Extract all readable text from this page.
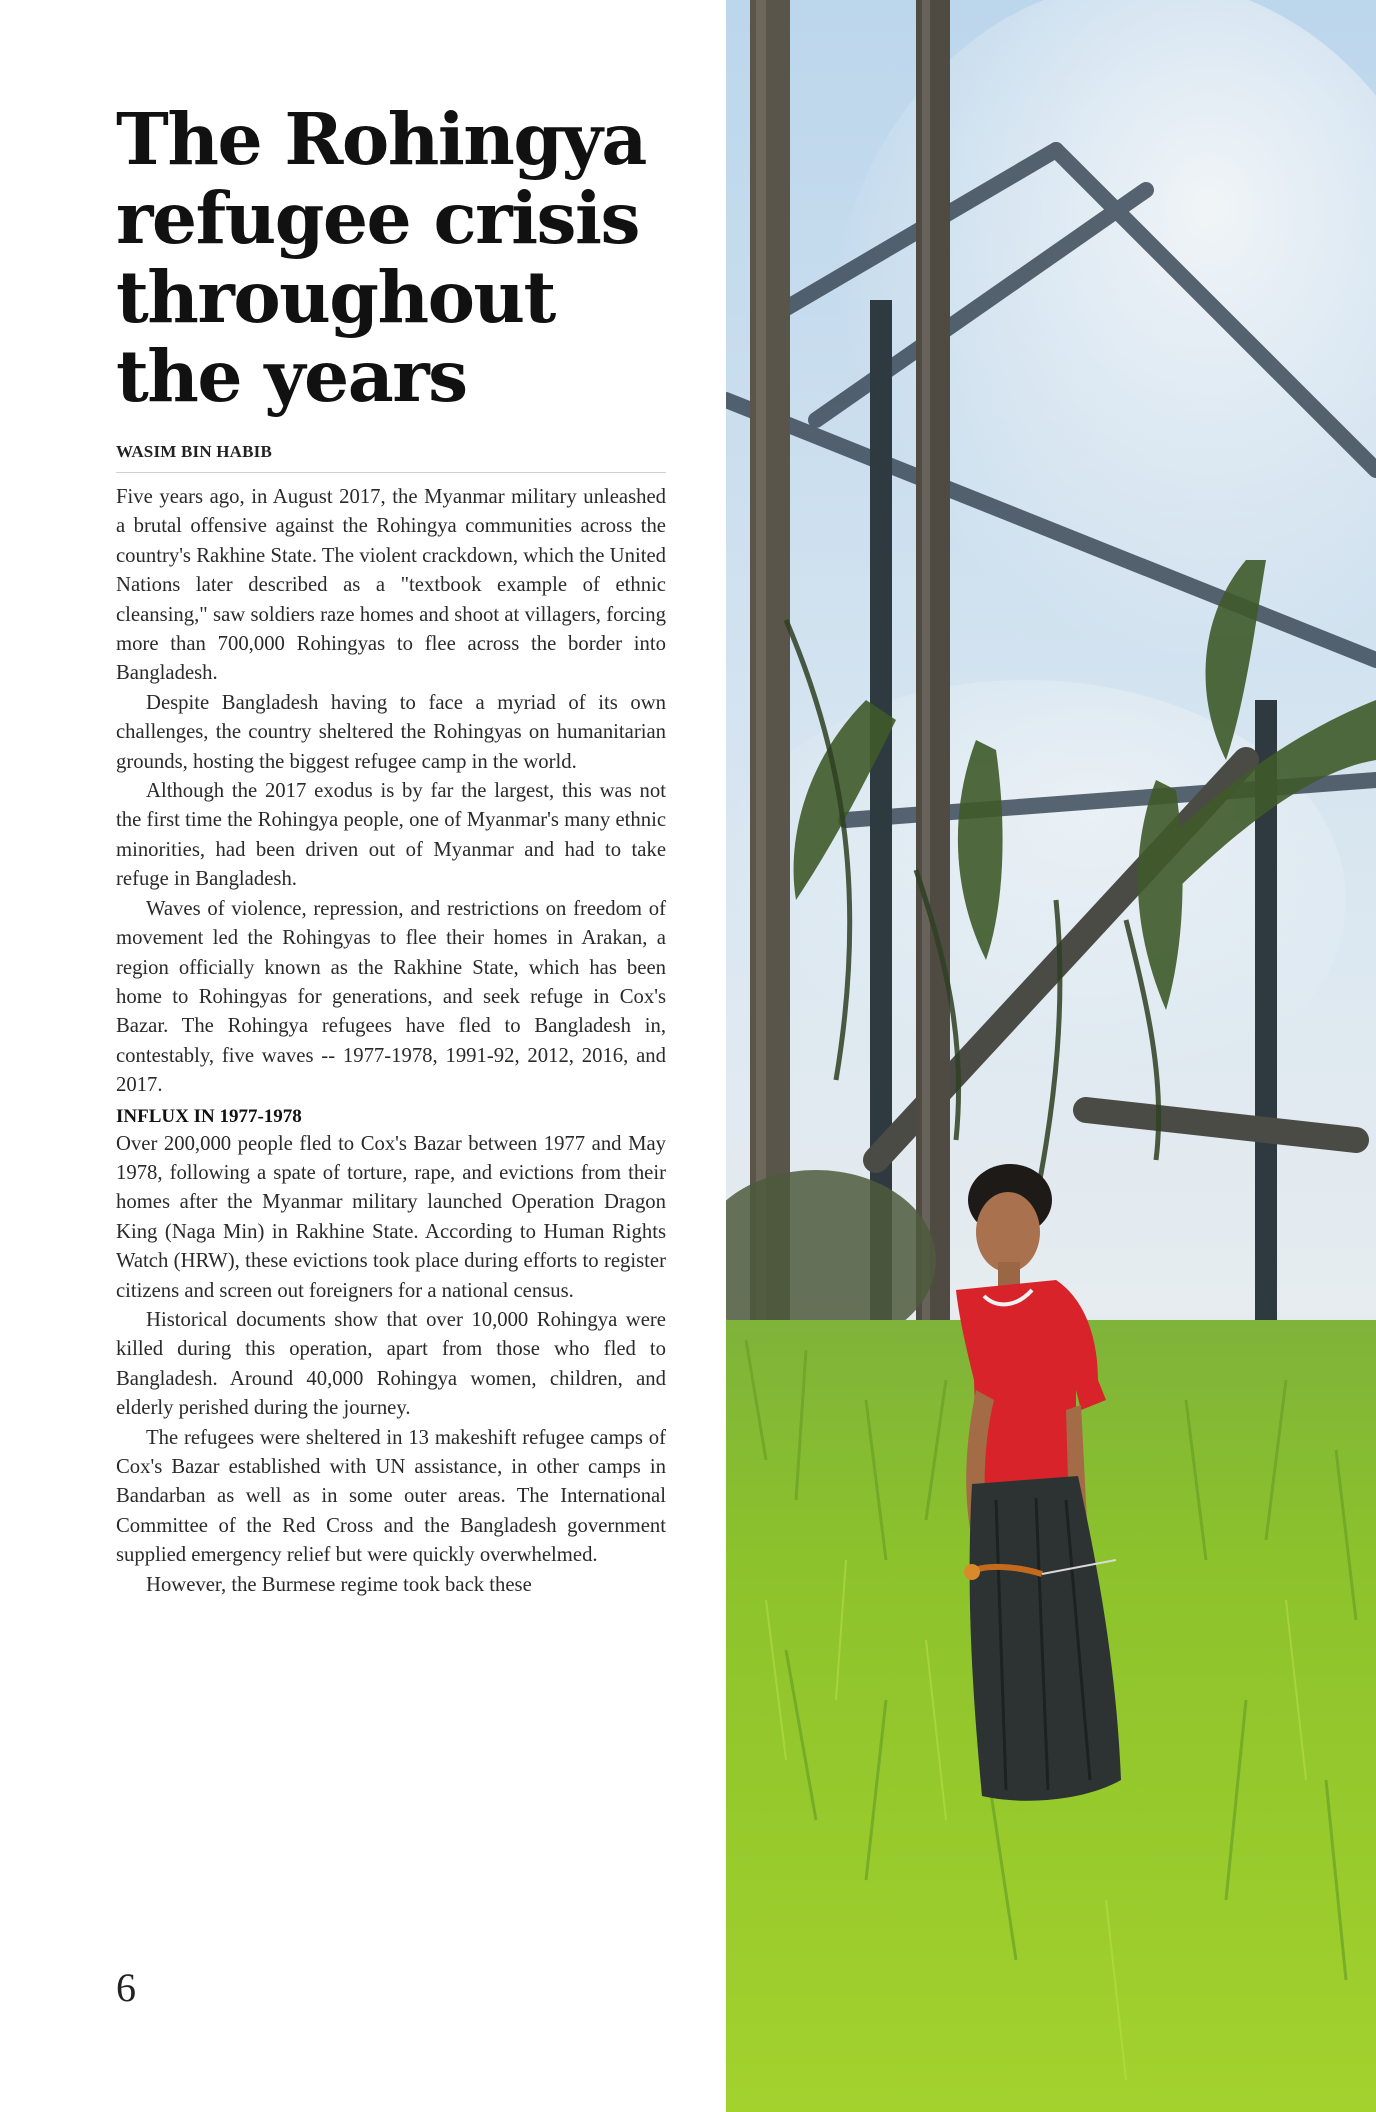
The Rohingya
refugee crisis
throughout
the years
WASIM BIN HABIB

Five years ago, in August 2017, the Myanmar military unleashed a brutal offensive against the Rohingya communities across the country's Rakhine State. The violent crackdown, which the United Nations later described as a "textbook example of ethnic cleansing," saw soldiers raze homes and shoot at villagers, forcing more than 700,000 Rohingyas to flee across the border into Bangladesh.

Despite Bangladesh having to face a myriad of its own challenges, the country sheltered the Rohingyas on humanitarian grounds, hosting the biggest refugee camp in the world.

Although the 2017 exodus is by far the largest, this was not the first time the Rohingya people, one of Myanmar's many ethnic minorities, had been driven out of Myanmar and had to take refuge in Bangladesh.

Waves of violence, repression, and restrictions on freedom of movement led the Rohingyas to flee their homes in Arakan, a region officially known as the Rakhine State, which has been home to Rohingyas for generations, and seek refuge in Cox's Bazar. The Rohingya refugees have fled to Bangladesh in, contestably, five waves -- 1977-1978, 1991-92, 2012, 2016, and 2017.

INFLUX IN 1977-1978

Over 200,000 people fled to Cox's Bazar between 1977 and May 1978, following a spate of torture, rape, and evictions from their homes after the Myanmar military launched Operation Dragon King (Naga Min) in Rakhine State. According to Human Rights Watch (HRW), these evictions took place during efforts to register citizens and screen out foreigners for a national census.

Historical documents show that over 10,000 Rohingya were killed during this operation, apart from those who fled to Bangladesh. Around 40,000 Rohingya women, children, and elderly perished during the journey.

The refugees were sheltered in 13 makeshift refugee camps of Cox's Bazar established with UN assistance, in other camps in Bandarban as well as in some outer areas. The International Committee of the Red Cross and the Bangladesh government supplied emergency relief but were quickly overwhelmed.

However, the Burmese regime took back these

6
